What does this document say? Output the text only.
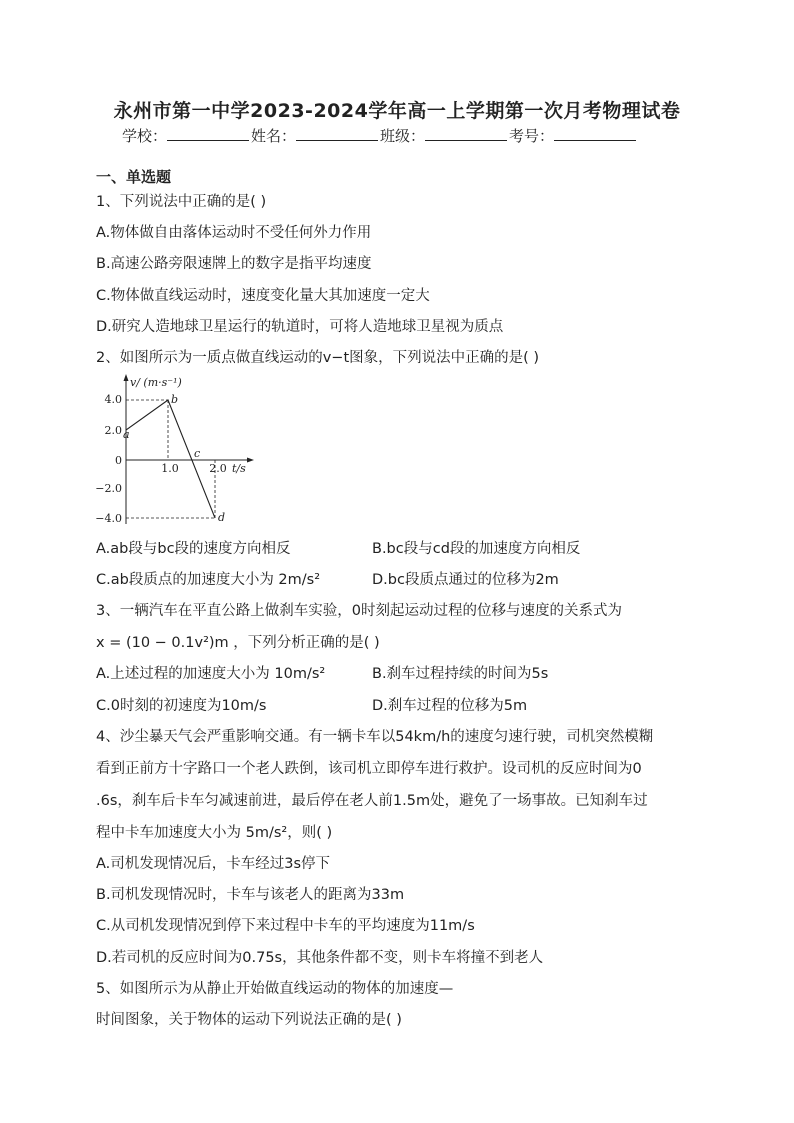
永州市第一中学2023-2024学年高一上学期第一次月考物理试卷
学校：	姓名：	班级：	考号：
一、单选题
1、下列说法中正确的是( )
A.物体做自由落体运动时不受任何外力作用
B.高速公路旁限速牌上的数字是指平均速度
C.物体做直线运动时，速度变化量大其加速度一定大
D.研究人造地球卫星运行的轨道时，可将人造地球卫星视为质点
2、如图所示为一质点做直线运动的v−t图象，下列说法中正确的是( )
4.0
2.0
0
−2.0
−4.0
1.0	2.0
v/ (m·s⁻¹)
t/s
a
b
c
d
A.ab段与bc段的速度方向相反	B.bc段与cd段的加速度方向相反
C.ab段质点的加速度大小为 2m/s²	D.bc段质点通过的位移为2m
3、一辆汽车在平直公路上做刹车实验，0时刻起运动过程的位移与速度的关系式为
x = (10 − 0.1v²)m ，下列分析正确的是( )
A.上述过程的加速度大小为 10m/s²	B.刹车过程持续的时间为5s
C.0时刻的初速度为10m/s	D.刹车过程的位移为5m
4、沙尘暴天气会严重影响交通。有一辆卡车以54km/h的速度匀速行驶，司机突然模糊
看到正前方十字路口一个老人跌倒，该司机立即停车进行救护。设司机的反应时间为0
.6s，刹车后卡车匀减速前进，最后停在老人前1.5m处，避免了一场事故。已知刹车过
程中卡车加速度大小为 5m/s²，则( )
A.司机发现情况后，卡车经过3s停下
B.司机发现情况时，卡车与该老人的距离为33m
C.从司机发现情况到停下来过程中卡车的平均速度为11m/s
D.若司机的反应时间为0.75s，其他条件都不变，则卡车将撞不到老人
5、如图所示为从静止开始做直线运动的物体的加速度—
时间图象，关于物体的运动下列说法正确的是( )
